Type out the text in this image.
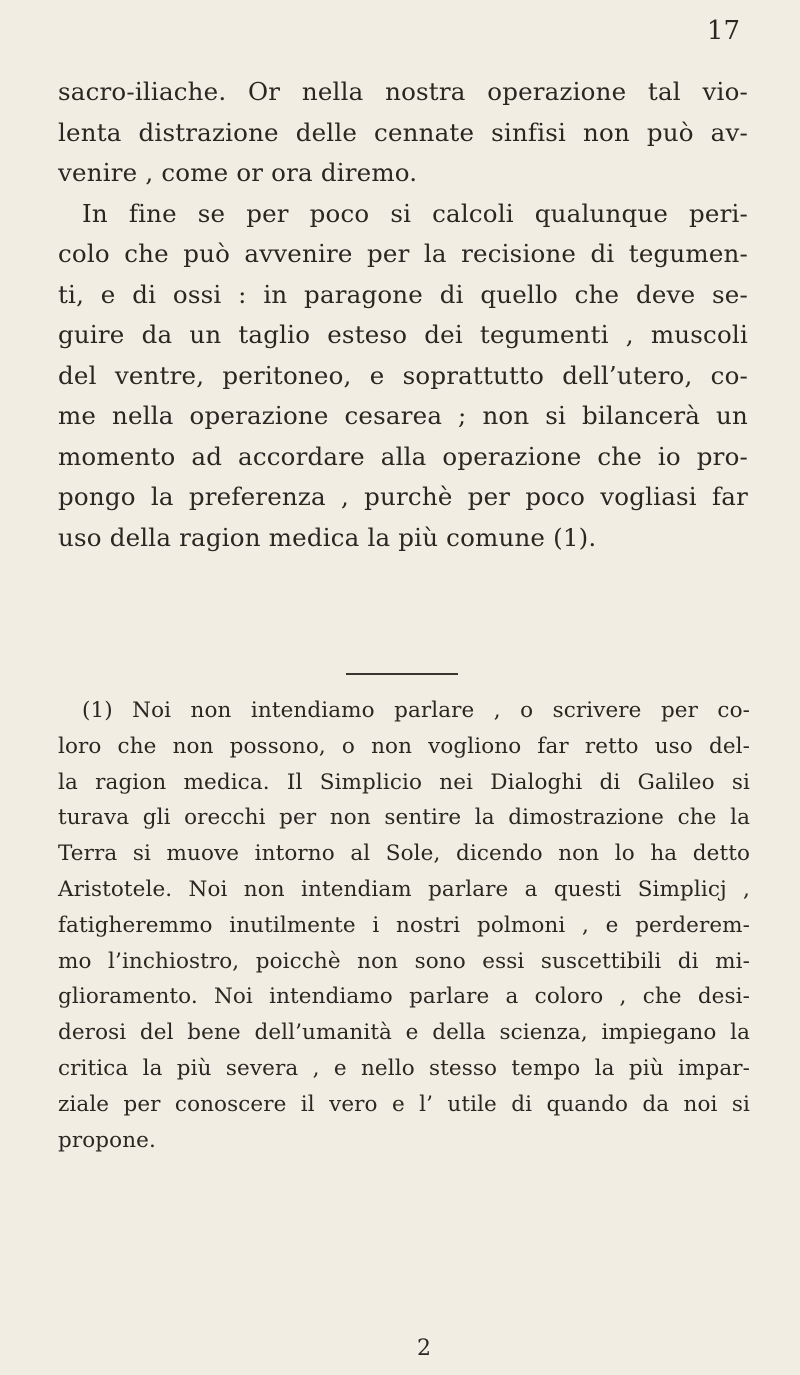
17
sacro-iliache. Or nella nostra operazione tal vio-
lenta distrazione delle cennate sinfisi non può av-
venire , come or ora diremo.
In fine se per poco si calcoli qualunque peri-
colo che può avvenire per la recisione di tegumen-
ti, e di ossi : in paragone di quello che deve se-
guire da un taglio esteso dei tegumenti , muscoli
del ventre, peritoneo, e soprattutto dell’utero, co-
me nella operazione cesarea ; non si bilancerà un
momento ad accordare alla operazione che io pro-
pongo la preferenza , purchè per poco vogliasi far
uso della ragion medica la più comune (1).
(1) Noi non intendiamo parlare , o scrivere per co-
loro che non possono, o non vogliono far retto uso del-
la ragion medica. Il Simplicio nei Dialoghi di Galileo si
turava gli orecchi per non sentire la dimostrazione che la
Terra si muove intorno al Sole, dicendo non lo ha detto
Aristotele. Noi non intendiam parlare a questi Simplicj ,
fatigheremmo inutilmente i nostri polmoni , e perderem-
mo l’inchiostro, poicchè non sono essi suscettibili di mi-
glioramento. Noi intendiamo parlare a coloro , che desi-
derosi del bene dell’umanità e della scienza, impiegano la
critica la più severa , e nello stesso tempo la più impar-
ziale per conoscere il vero e l’ utile di quando da noi si
propone.
2
